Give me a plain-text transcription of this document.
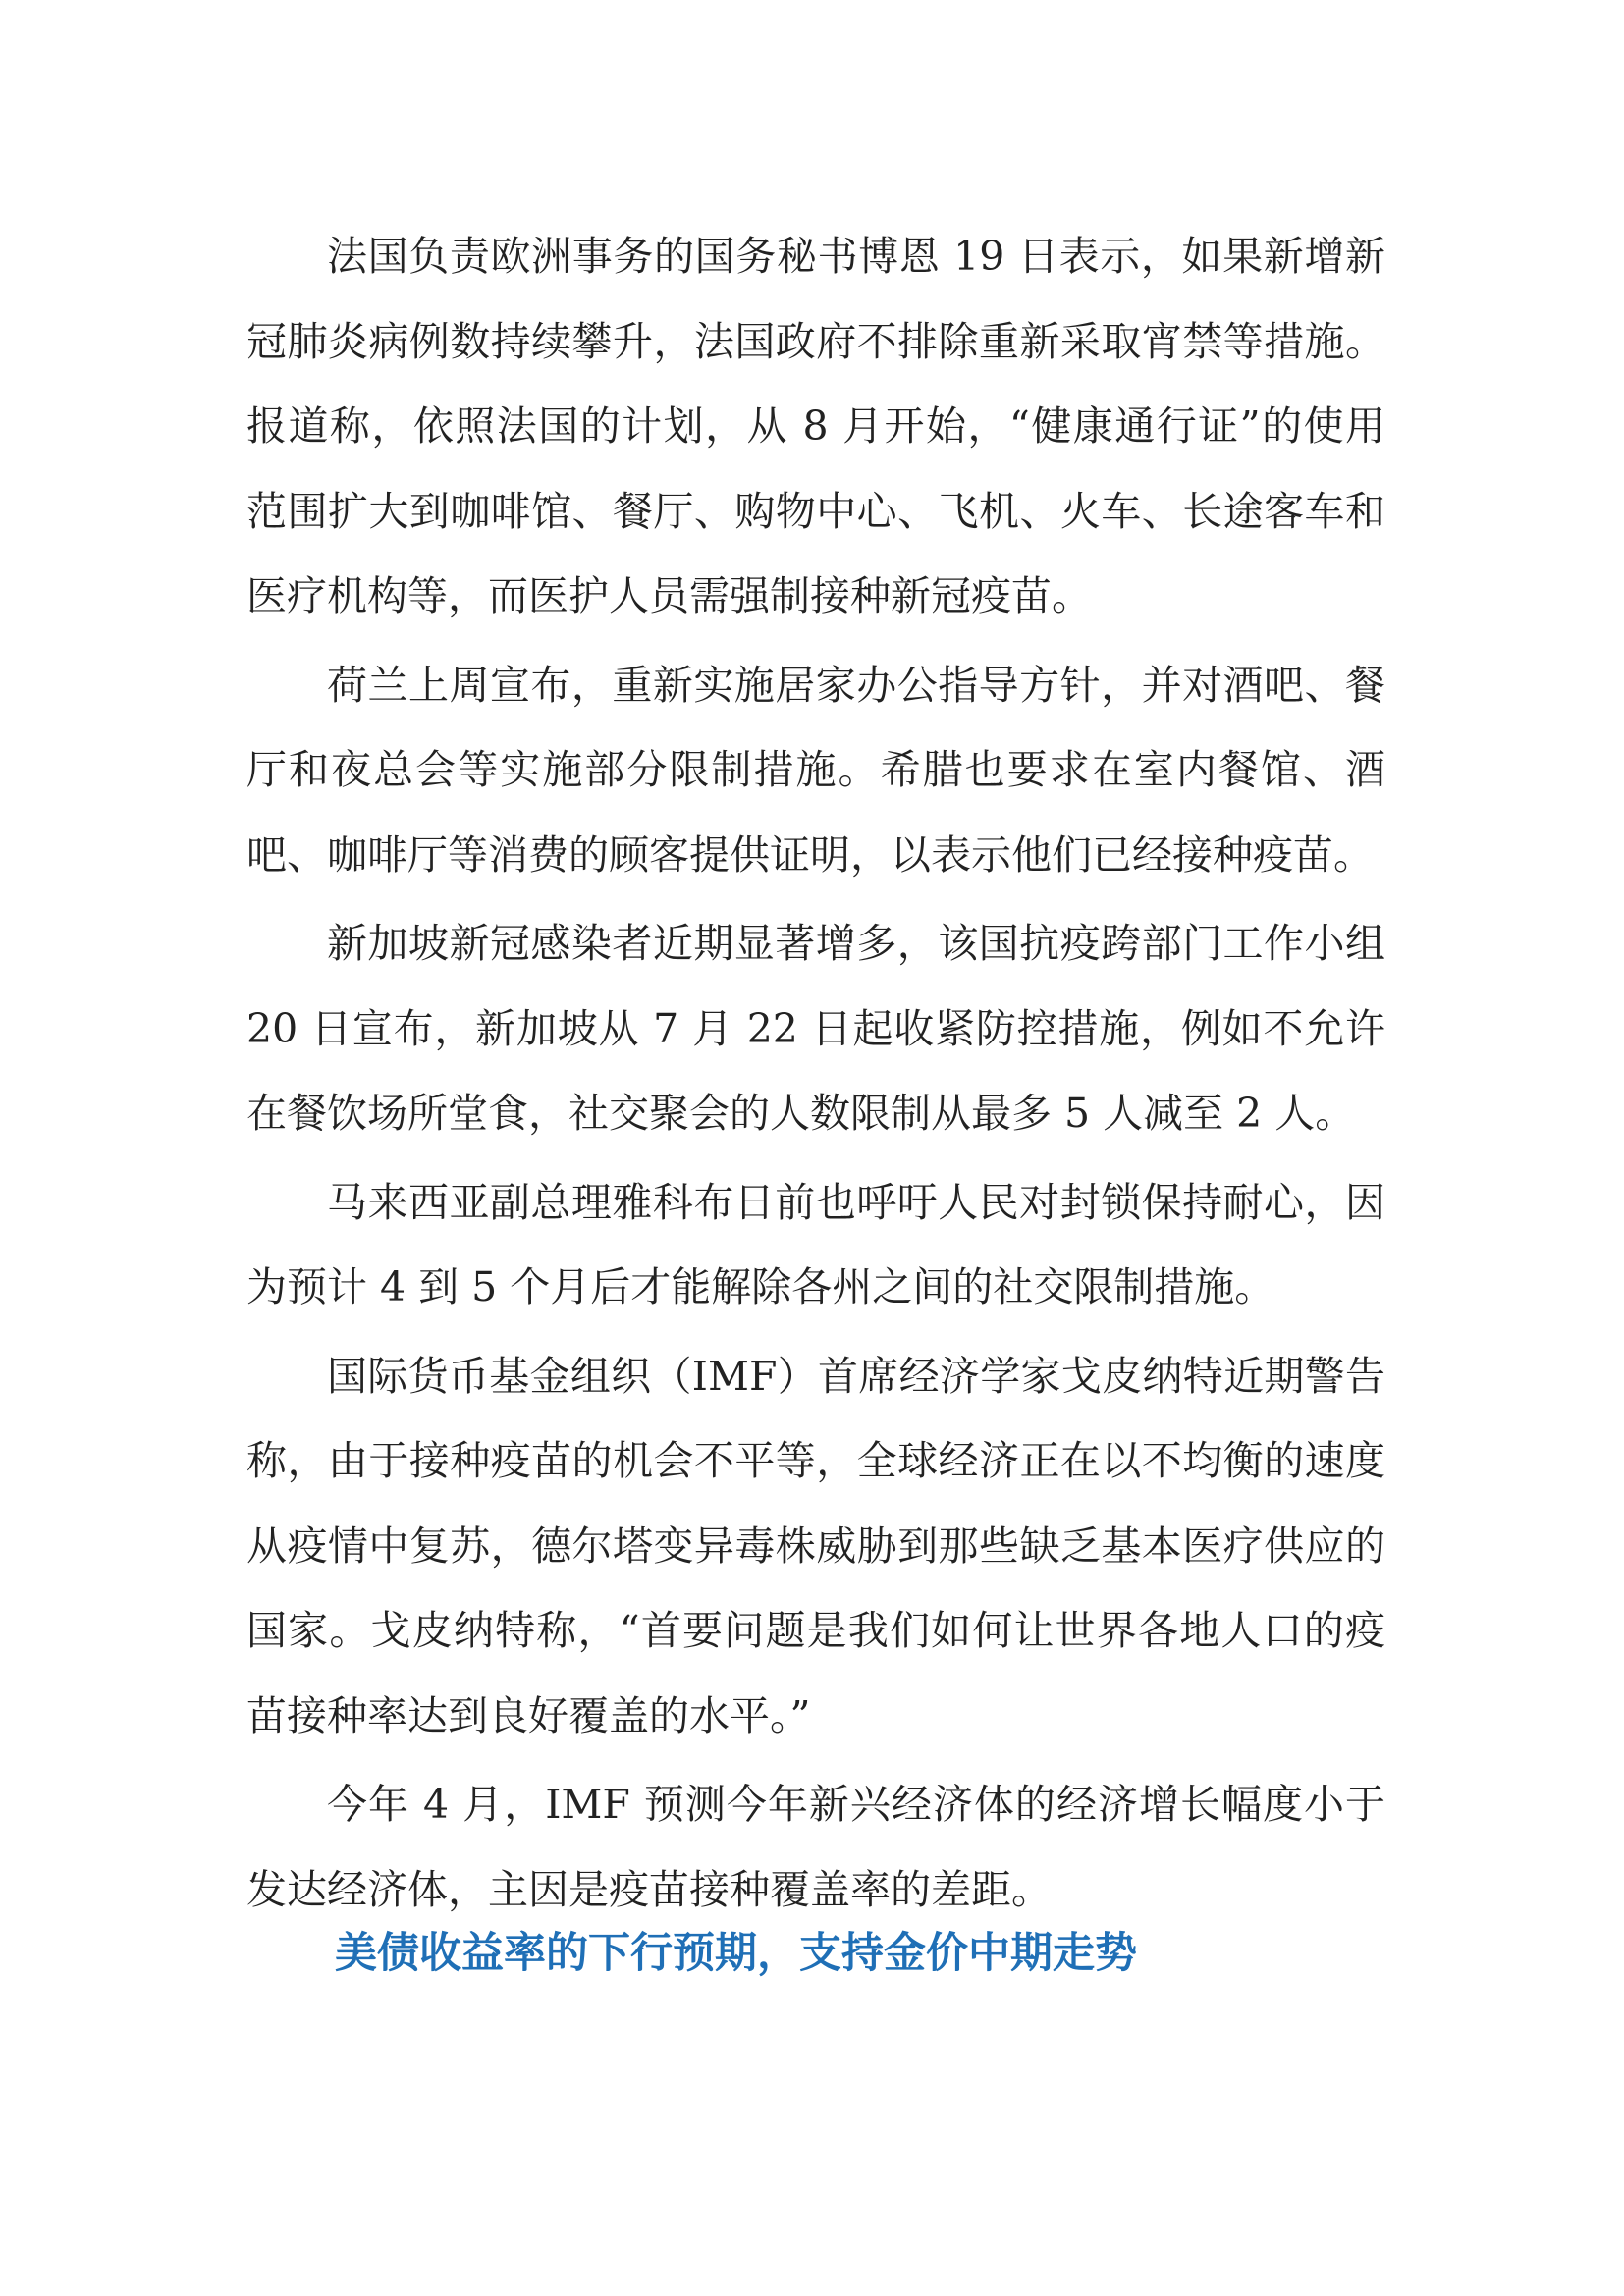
法国负责欧洲事务的国务秘书博恩 19 日表示，如果新增新冠肺炎病例数持续攀升，法国政府不排除重新采取宵禁等措施。报道称，依照法国的计划，从 8 月开始，“健康通行证”的使用范围扩大到咖啡馆、餐厅、购物中心、飞机、火车、长途客车和医疗机构等，而医护人员需强制接种新冠疫苗。

荷兰上周宣布，重新实施居家办公指导方针，并对酒吧、餐厅和夜总会等实施部分限制措施。希腊也要求在室内餐馆、酒吧、咖啡厅等消费的顾客提供证明，以表示他们已经接种疫苗。

新加坡新冠感染者近期显著增多，该国抗疫跨部门工作小组 20 日宣布，新加坡从 7 月 22 日起收紧防控措施，例如不允许在餐饮场所堂食，社交聚会的人数限制从最多 5 人减至 2 人。

马来西亚副总理雅科布日前也呼吁人民对封锁保持耐心，因为预计 4 到 5 个月后才能解除各州之间的社交限制措施。

国际货币基金组织（IMF）首席经济学家戈皮纳特近期警告称，由于接种疫苗的机会不平等，全球经济正在以不均衡的速度从疫情中复苏，德尔塔变异毒株威胁到那些缺乏基本医疗供应的国家。戈皮纳特称，“首要问题是我们如何让世界各地人口的疫苗接种率达到良好覆盖的水平。”

今年 4 月，IMF 预测今年新兴经济体的经济增长幅度小于发达经济体，主因是疫苗接种覆盖率的差距。

美债收益率的下行预期，支持金价中期走势
